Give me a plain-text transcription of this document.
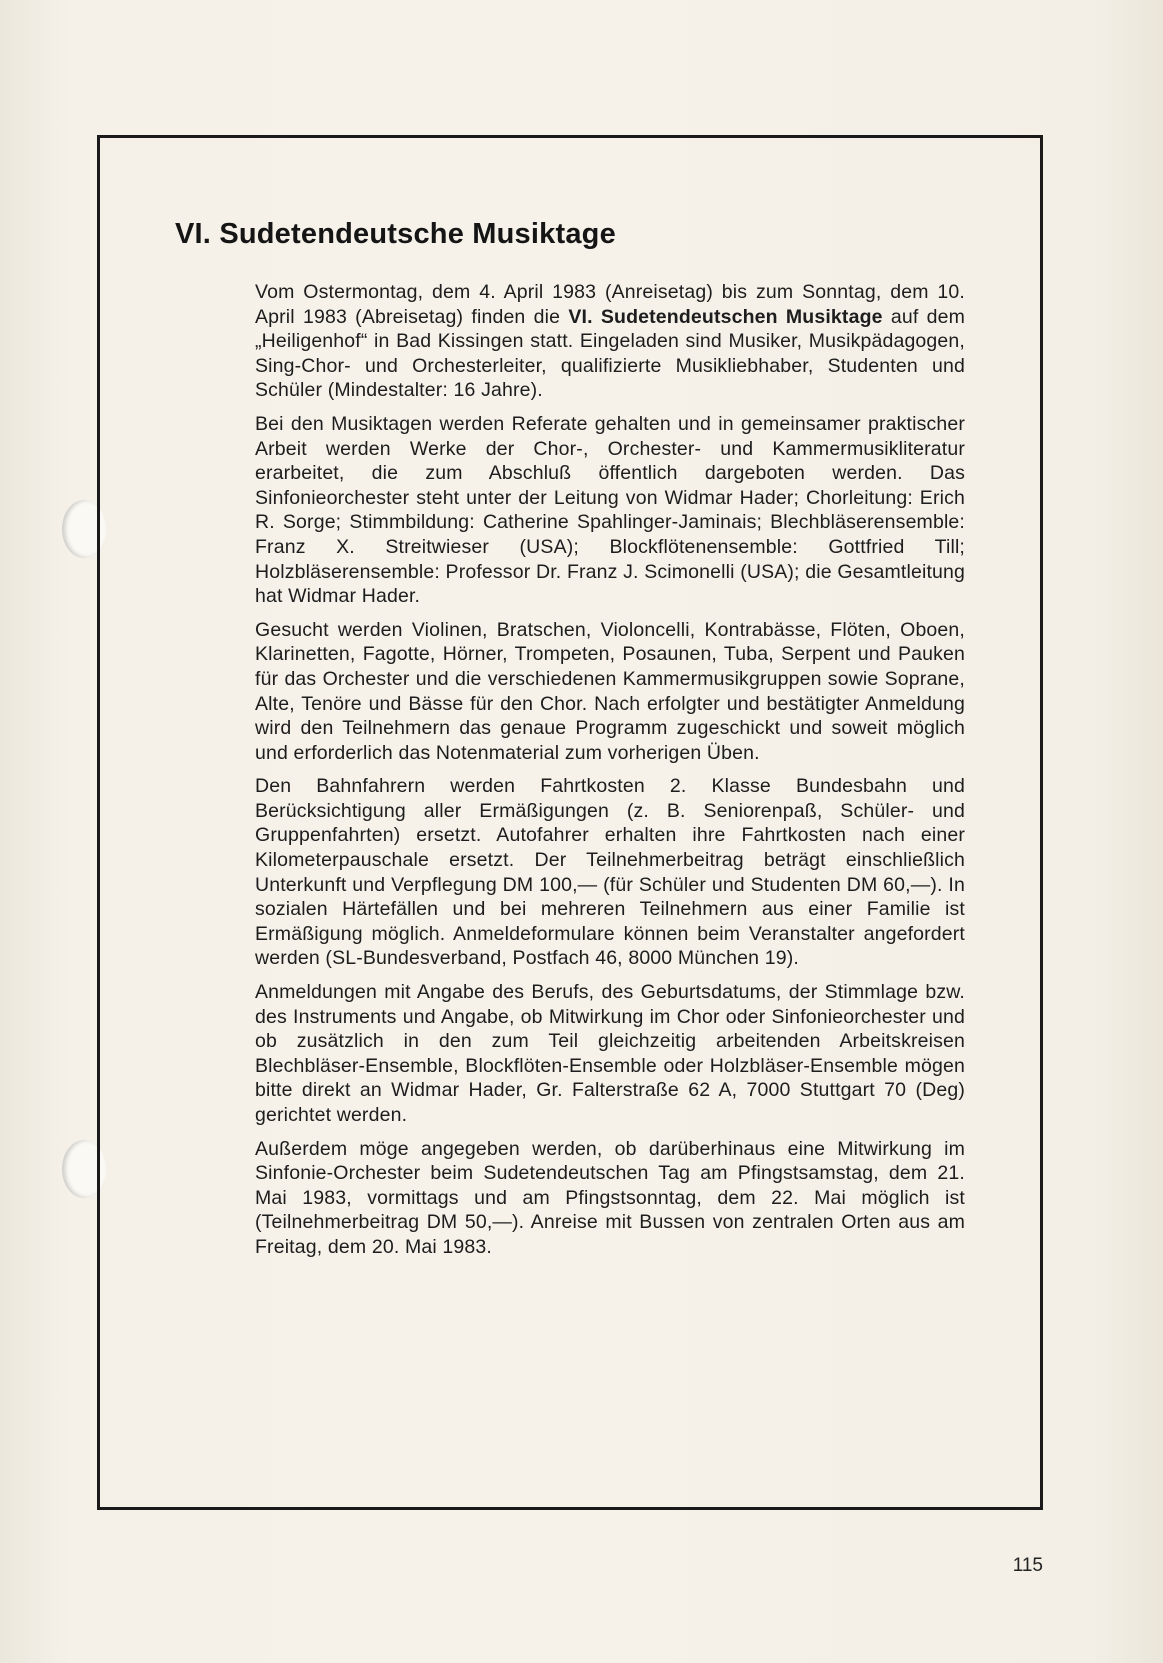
VI. Sudetendeutsche Musiktage

Vom Ostermontag, dem 4. April 1983 (Anreisetag) bis zum Sonntag, dem 10. April 1983 (Abreisetag) finden die VI. Sudetendeutschen Musiktage auf dem „Heiligenhof“ in Bad Kissingen statt. Eingeladen sind Musiker, Musikpädagogen, Sing-Chor- und Orchesterleiter, qualifizierte Musikliebhaber, Studenten und Schüler (Mindestalter: 16 Jahre).

Bei den Musiktagen werden Referate gehalten und in gemeinsamer praktischer Arbeit werden Werke der Chor-, Orchester- und Kammermusikliteratur erarbeitet, die zum Abschluß öffentlich dargeboten werden. Das Sinfonieorchester steht unter der Leitung von Widmar Hader; Chorleitung: Erich R. Sorge; Stimmbildung: Catherine Spahlinger-Jaminais; Blechbläserensemble: Franz X. Streitwieser (USA); Blockflötenensemble: Gottfried Till; Holzbläserensemble: Professor Dr. Franz J. Scimonelli (USA); die Gesamtleitung hat Widmar Hader.

Gesucht werden Violinen, Bratschen, Violoncelli, Kontrabässe, Flöten, Oboen, Klarinetten, Fagotte, Hörner, Trompeten, Posaunen, Tuba, Serpent und Pauken für das Orchester und die verschiedenen Kammermusikgruppen sowie Soprane, Alte, Tenöre und Bässe für den Chor. Nach erfolgter und bestätigter Anmeldung wird den Teilnehmern das genaue Programm zugeschickt und soweit möglich und erforderlich das Notenmaterial zum vorherigen Üben.

Den Bahnfahrern werden Fahrtkosten 2. Klasse Bundesbahn und Berücksichtigung aller Ermäßigungen (z. B. Seniorenpaß, Schüler- und Gruppenfahrten) ersetzt. Autofahrer erhalten ihre Fahrtkosten nach einer Kilometerpauschale ersetzt. Der Teilnehmerbeitrag beträgt einschließlich Unterkunft und Verpflegung DM 100,— (für Schüler und Studenten DM 60,—). In sozialen Härtefällen und bei mehreren Teilnehmern aus einer Familie ist Ermäßigung möglich. Anmeldeformulare können beim Veranstalter angefordert werden (SL-Bundesverband, Postfach 46, 8000 München 19).

Anmeldungen mit Angabe des Berufs, des Geburtsdatums, der Stimmlage bzw. des Instruments und Angabe, ob Mitwirkung im Chor oder Sinfonieorchester und ob zusätzlich in den zum Teil gleichzeitig arbeitenden Arbeitskreisen Blechbläser-Ensemble, Blockflöten-Ensemble oder Holzbläser-Ensemble mögen bitte direkt an Widmar Hader, Gr. Falterstraße 62 A, 7000 Stuttgart 70 (Deg) gerichtet werden.

Außerdem möge angegeben werden, ob darüberhinaus eine Mitwirkung im Sinfonie-Orchester beim Sudetendeutschen Tag am Pfingstsamstag, dem 21. Mai 1983, vormittags und am Pfingstsonntag, dem 22. Mai möglich ist (Teilnehmerbeitrag DM 50,—). Anreise mit Bussen von zentralen Orten aus am Freitag, dem 20. Mai 1983.

115
